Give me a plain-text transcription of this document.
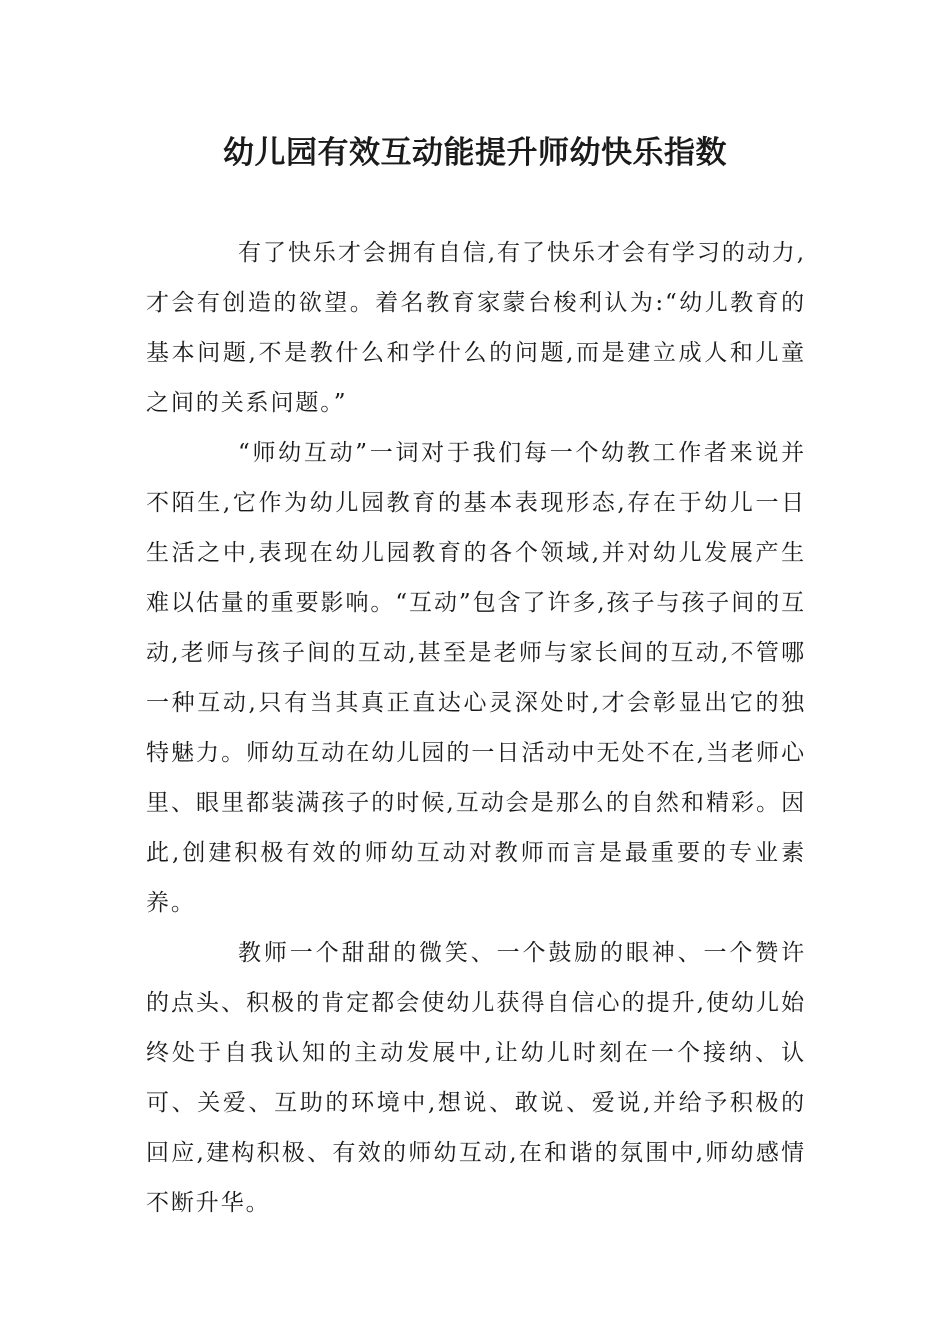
幼儿园有效互动能提升师幼快乐指数

有了快乐才会拥有自信,有了快乐才会有学习的动力,才会有创造的欲望。着名教育家蒙台梭利认为:“幼儿教育的基本问题,不是教什么和学什么的问题,而是建立成人和儿童之间的关系问题。”

“师幼互动”一词对于我们每一个幼教工作者来说并不陌生,它作为幼儿园教育的基本表现形态,存在于幼儿一日生活之中,表现在幼儿园教育的各个领域,并对幼儿发展产生难以估量的重要影响。“互动”包含了许多,孩子与孩子间的互动,老师与孩子间的互动,甚至是老师与家长间的互动,不管哪一种互动,只有当其真正直达心灵深处时,才会彰显出它的独特魅力。师幼互动在幼儿园的一日活动中无处不在,当老师心里、眼里都装满孩子的时候,互动会是那么的自然和精彩。因此,创建积极有效的师幼互动对教师而言是最重要的专业素养。

教师一个甜甜的微笑、一个鼓励的眼神、一个赞许的点头、积极的肯定都会使幼儿获得自信心的提升,使幼儿始终处于自我认知的主动发展中,让幼儿时刻在一个接纳、认可、关爱、互助的环境中,想说、敢说、爱说,并给予积极的回应,建构积极、有效的师幼互动,在和谐的氛围中,师幼感情不断升华。
